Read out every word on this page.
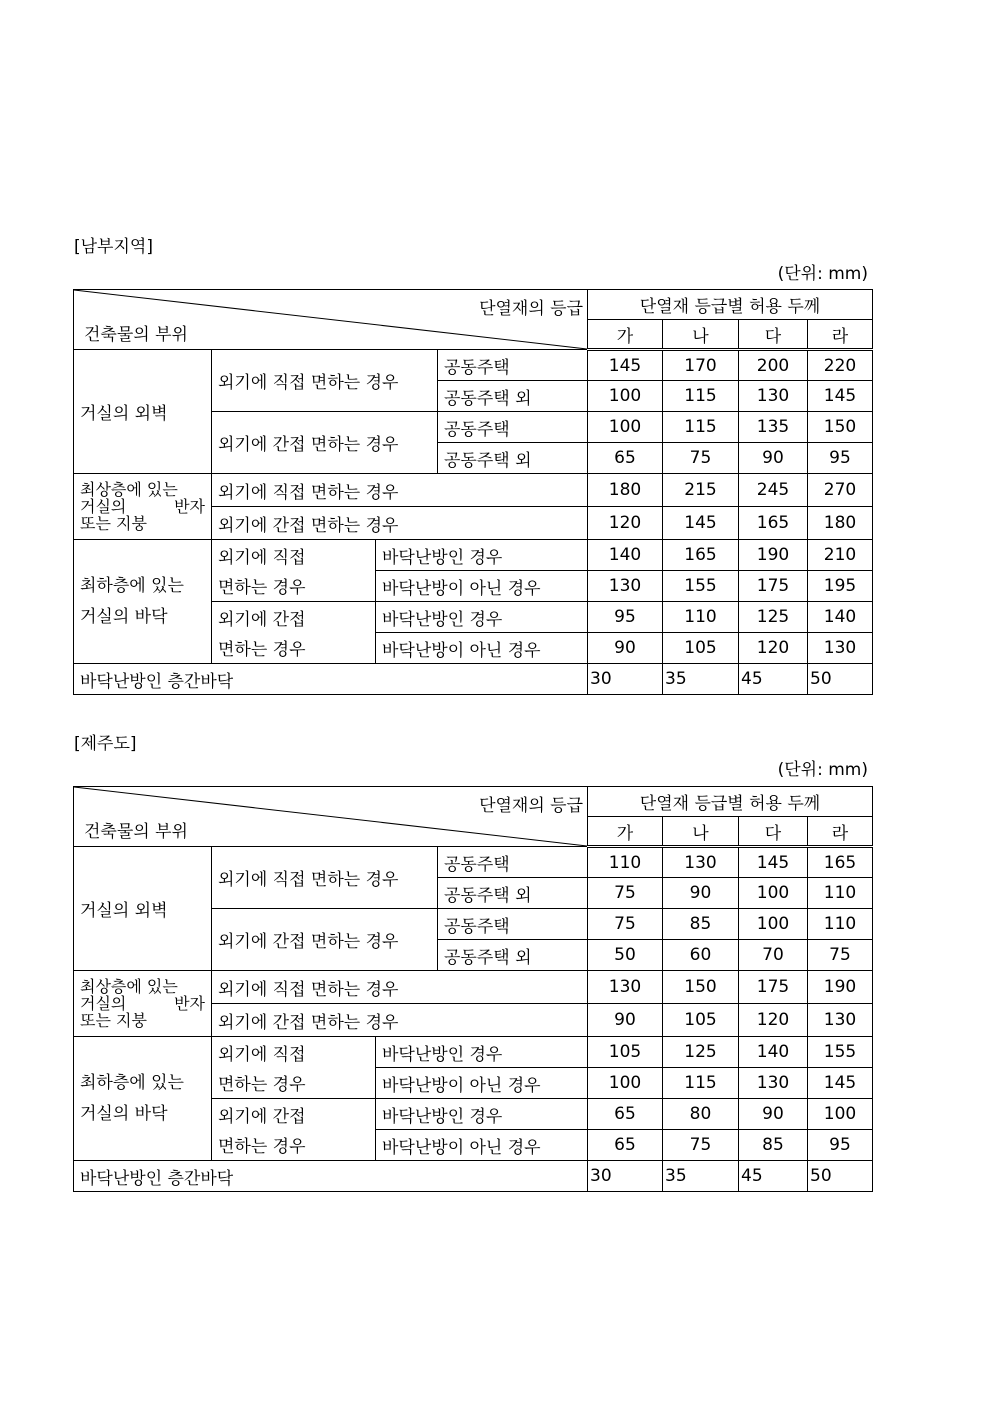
[남부지역]
(단위: mm)
단열재의 등급
건축물의 부위				단열재 등급별 허용 두께			
				가	나	다	라
거실의 외벽	외기에 직접 면하는 경우		공동주택	145	170	200	220
			공동주택 외	100	115	130	145
	외기에 간접 면하는 경우		공동주택	100	115	135	150
			공동주택 외	65	75	90	95

최상층에 있는
거실의 반자
또는 지붕	외기에 직접 면하는 경우			180	215	245	270
	외기에 간접 면하는 경우			120	145	165	180

최하층에 있는
거실의 바닥	외기에 직접	바닥난방인 경우		140	165	190	210
	면하는 경우	바닥난방이 아닌 경우		130	155	175	195
	외기에 간접	바닥난방인 경우		95	110	125	140
	면하는 경우	바닥난방이 아닌 경우		90	105	120	130
바닥난방인 층간바닥				30	35	45	50
[제주도]
(단위: mm)
단열재의 등급
건축물의 부위				단열재 등급별 허용 두께			
				가	나	다	라
거실의 외벽	외기에 직접 면하는 경우		공동주택	110	130	145	165
			공동주택 외	75	90	100	110
	외기에 간접 면하는 경우		공동주택	75	85	100	110
			공동주택 외	50	60	70	75

최상층에 있는
거실의 반자
또는 지붕	외기에 직접 면하는 경우			130	150	175	190
	외기에 간접 면하는 경우			90	105	120	130

최하층에 있는
거실의 바닥	외기에 직접	바닥난방인 경우		105	125	140	155
	면하는 경우	바닥난방이 아닌 경우		100	115	130	145
	외기에 간접	바닥난방인 경우		65	80	90	100
	면하는 경우	바닥난방이 아닌 경우		65	75	85	95
바닥난방인 층간바닥				30	35	45	50
